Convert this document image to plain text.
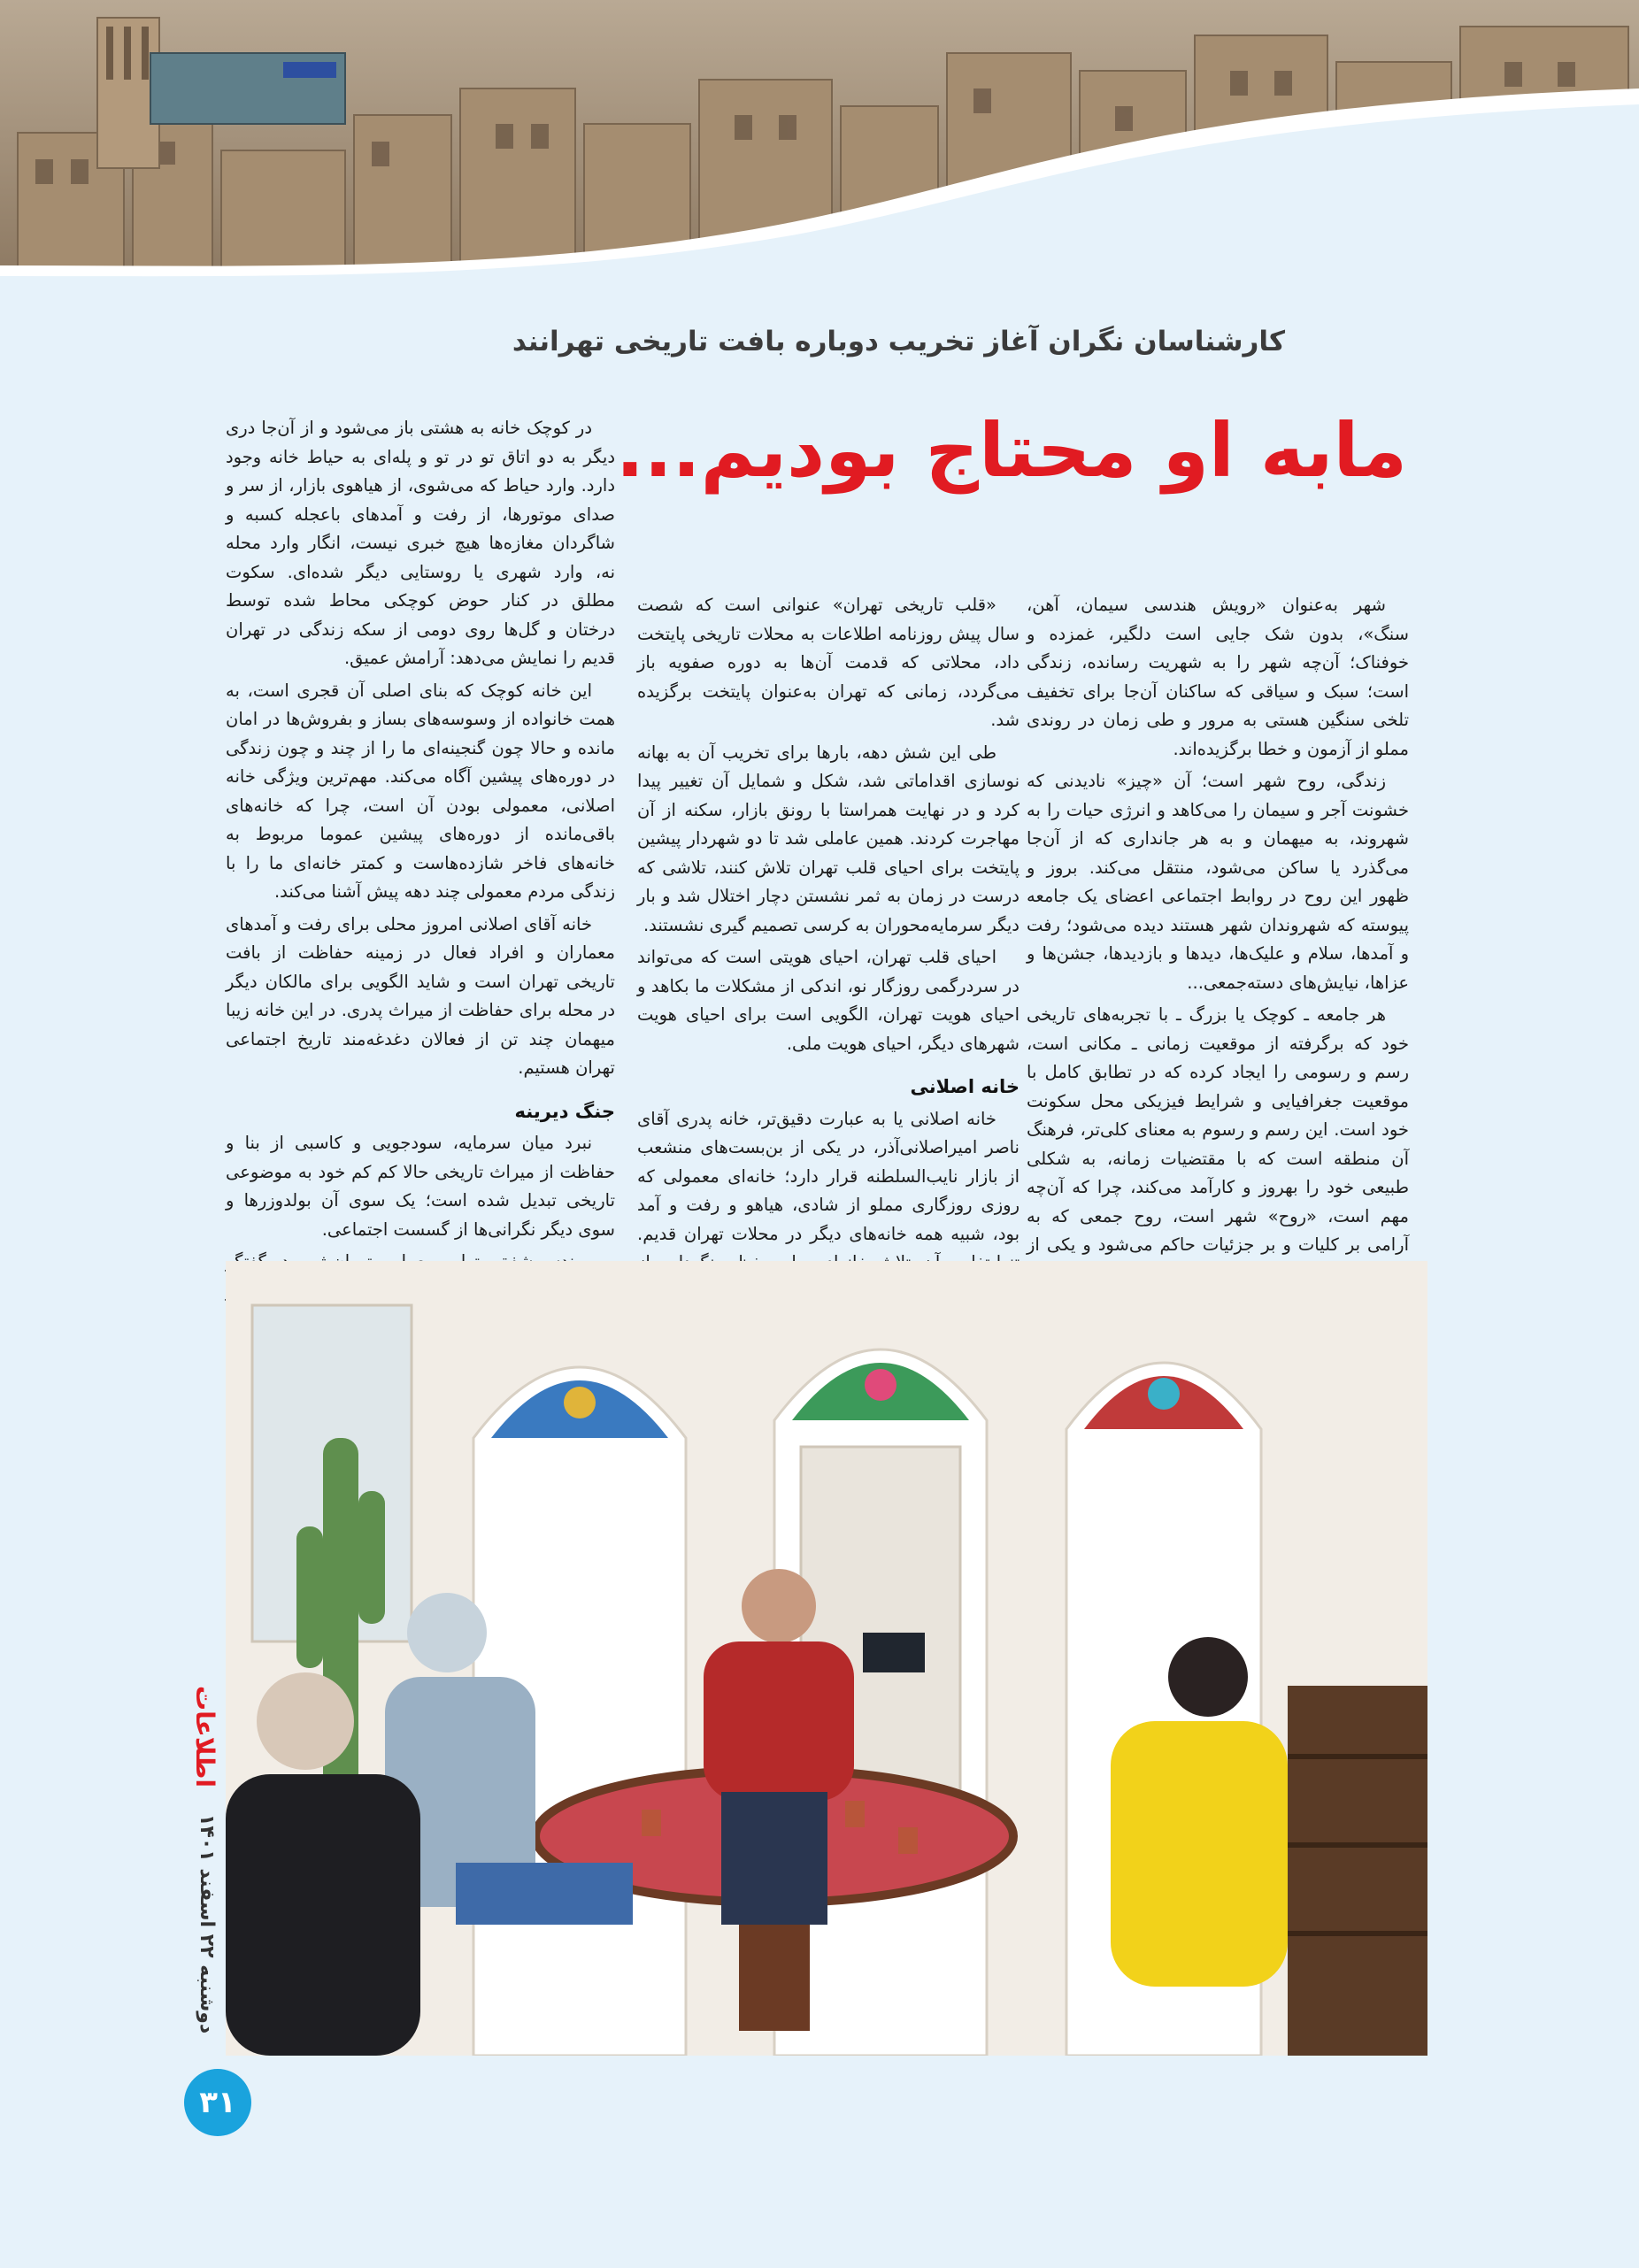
کارشناسان نگران آغاز تخریب دوباره بافت تاریخی تهرانند
مابه او محتاج بودیم...

شهر به‌عنوان «رویش هندسی سیمان، آهن، سنگ»، بدون شک جایی است دلگیر، غمزده و خوفناک؛ آن‌چه شهر را به شهریت رسانده، زندگی است؛ سبک و سیاقی که ساکنان آن‌جا برای تخفیف تلخی سنگین هستی به مرور و طی زمان در روندی مملو از آزمون و خطا برگزیده‌اند.

زندگی، روح شهر است؛ آن «چیز» نادیدنی که خشونت آجر و سیمان را می‌کاهد و انرژی حیات را به شهروند، به میهمان و به هر جانداری که از آن‌جا می‌گذرد یا ساکن می‌شود، منتقل می‌کند. بروز و ظهور این روح در روابط اجتماعی اعضای یک جامعه پیوسته که شهروندان شهر هستند دیده می‌شود؛ رفت و آمدها، سلام و علیک‌ها، دیدها و بازدیدها، جشن‌ها و عزاها، نیایش‌های دسته‌جمعی...

هر جامعه ـ کوچک یا بزرگ ـ با تجربه‌های تاریخی خود که برگرفته از موقعیت زمانی ـ مکانی است، رسم و رسومی را ایجاد کرده که در تطابق کامل با موقعیت جغرافیایی و شرایط فیزیکی محل سکونت خود است. این رسم و رسوم به معنای کلی‌تر، فرهنگ آن منطقه است که با مقتضیات زمانه، به شکلی طبیعی خود را بهروز و کارآمد می‌کند، چرا که آن‌چه مهم است، «روح» شهر است، روح جمعی که به آرامی بر کلیات و بر جزئیات حاکم می‌شود و یکی از

«قلب تاریخی تهران» عنوانی است که شصت سال پیش روزنامه اطلاعات به محلات تاریخی پایتخت داد، محلاتی که قدمت آن‌ها به دوره صفویه باز می‌گردد، زمانی که تهران به‌عنوان پایتخت برگزیده شد.

طی این شش دهه، بارها برای تخریب آن به بهانه نوسازی اقداماتی شد، شکل و شمایل آن تغییر پیدا کرد و در نهایت همراستا با رونق بازار، سکنه از آن مهاجرت کردند. همین عاملی شد تا دو شهردار پیشین پایتخت برای احیای قلب تهران تلاش کنند، تلاشی که درست در زمان به ثمر نشستن دچار اختلال شد و بار دیگر سرمایه‌محوران به کرسی تصمیم گیری نشستند.

احیای قلب تهران، احیای هویتی است که می‌تواند در سردرگمی روزگار نو، اندکی از مشکلات ما بکاهد و احیای هویت تهران، الگویی است برای احیای هویت شهرهای دیگر، احیای هویت ملی.

خانه اصلانی

خانه اصلانی یا به عبارت دقیق‌تر، خانه پدری آقای ناصر امیراصلانی‌آذر، در یکی از بن‌بست‌های منشعب از بازار نایب‌السلطنه قرار دارد؛ خانه‌ای معمولی که روزی روزگاری مملو از شادی، هیاهو و رفت و آمد بود، شبیه همه خانه‌های دیگر در محلات تهران قدیم.

در کوچک خانه به هشتی باز می‌شود و از آن‌جا دری دیگر به دو اتاق تو در تو و پله‌ای به حیاط خانه وجود دارد. وارد حیاط که می‌شوی، از هیاهوی بازار، از سر و صدای موتورها، از رفت و آمدهای باعجله کسبه و شاگردان مغازه‌ها هیچ خبری نیست، انگار وارد محله نه، وارد شهری یا روستایی دیگر شده‌ای. سکوت مطلق در کنار حوض کوچکی محاط شده توسط درختان و گل‌ها روی دومی از سکه زندگی در تهران قدیم را نمایش می‌دهد: آرامش عمیق.

این خانه کوچک که بنای اصلی آن قجری است، به همت خانواده از وسوسه‌های بساز و بفروش‌ها در امان مانده و حالا چون گنجینه‌ای ما را از چند و چون زندگی در دوره‌های پیشین آگاه می‌کند. مهم‌ترین ویژگی خانه اصلانی، معمولی بودن آن است، چرا که خانه‌های باقی‌مانده از دوره‌های پیشین عموما مربوط به خانه‌های فاخر شازده‌هاست و کمتر خانه‌ای ما را با زندگی مردم معمولی چند دهه پیش آشنا می‌کند.

خانه آقای اصلانی امروز محلی برای رفت و آمدهای معماران و افراد فعال در زمینه حفاظت از بافت تاریخی تهران است و شاید الگویی برای مالکان دیگر در محله برای حفاظت از میراث پدری. در این خانه زیبا میهمان چند تن از فعالان دغدغه‌مند تاریخ اجتماعی تهران هستیم.

جنگ دیرینه

نبرد میان سرمایه، سودجویی و کاسبی از بنا و حفاظت از میراث تاریخی حالا کم کم خود به موضوعی تاریخی تبدیل شده است؛ یک سوی آن بولدوزرها و سوی دیگر نگرانی‌ها از گسست اجتماعی.

اطلاعات
دوشنبه ۲۲ اسفند ۱۴۰۱
۳۱
